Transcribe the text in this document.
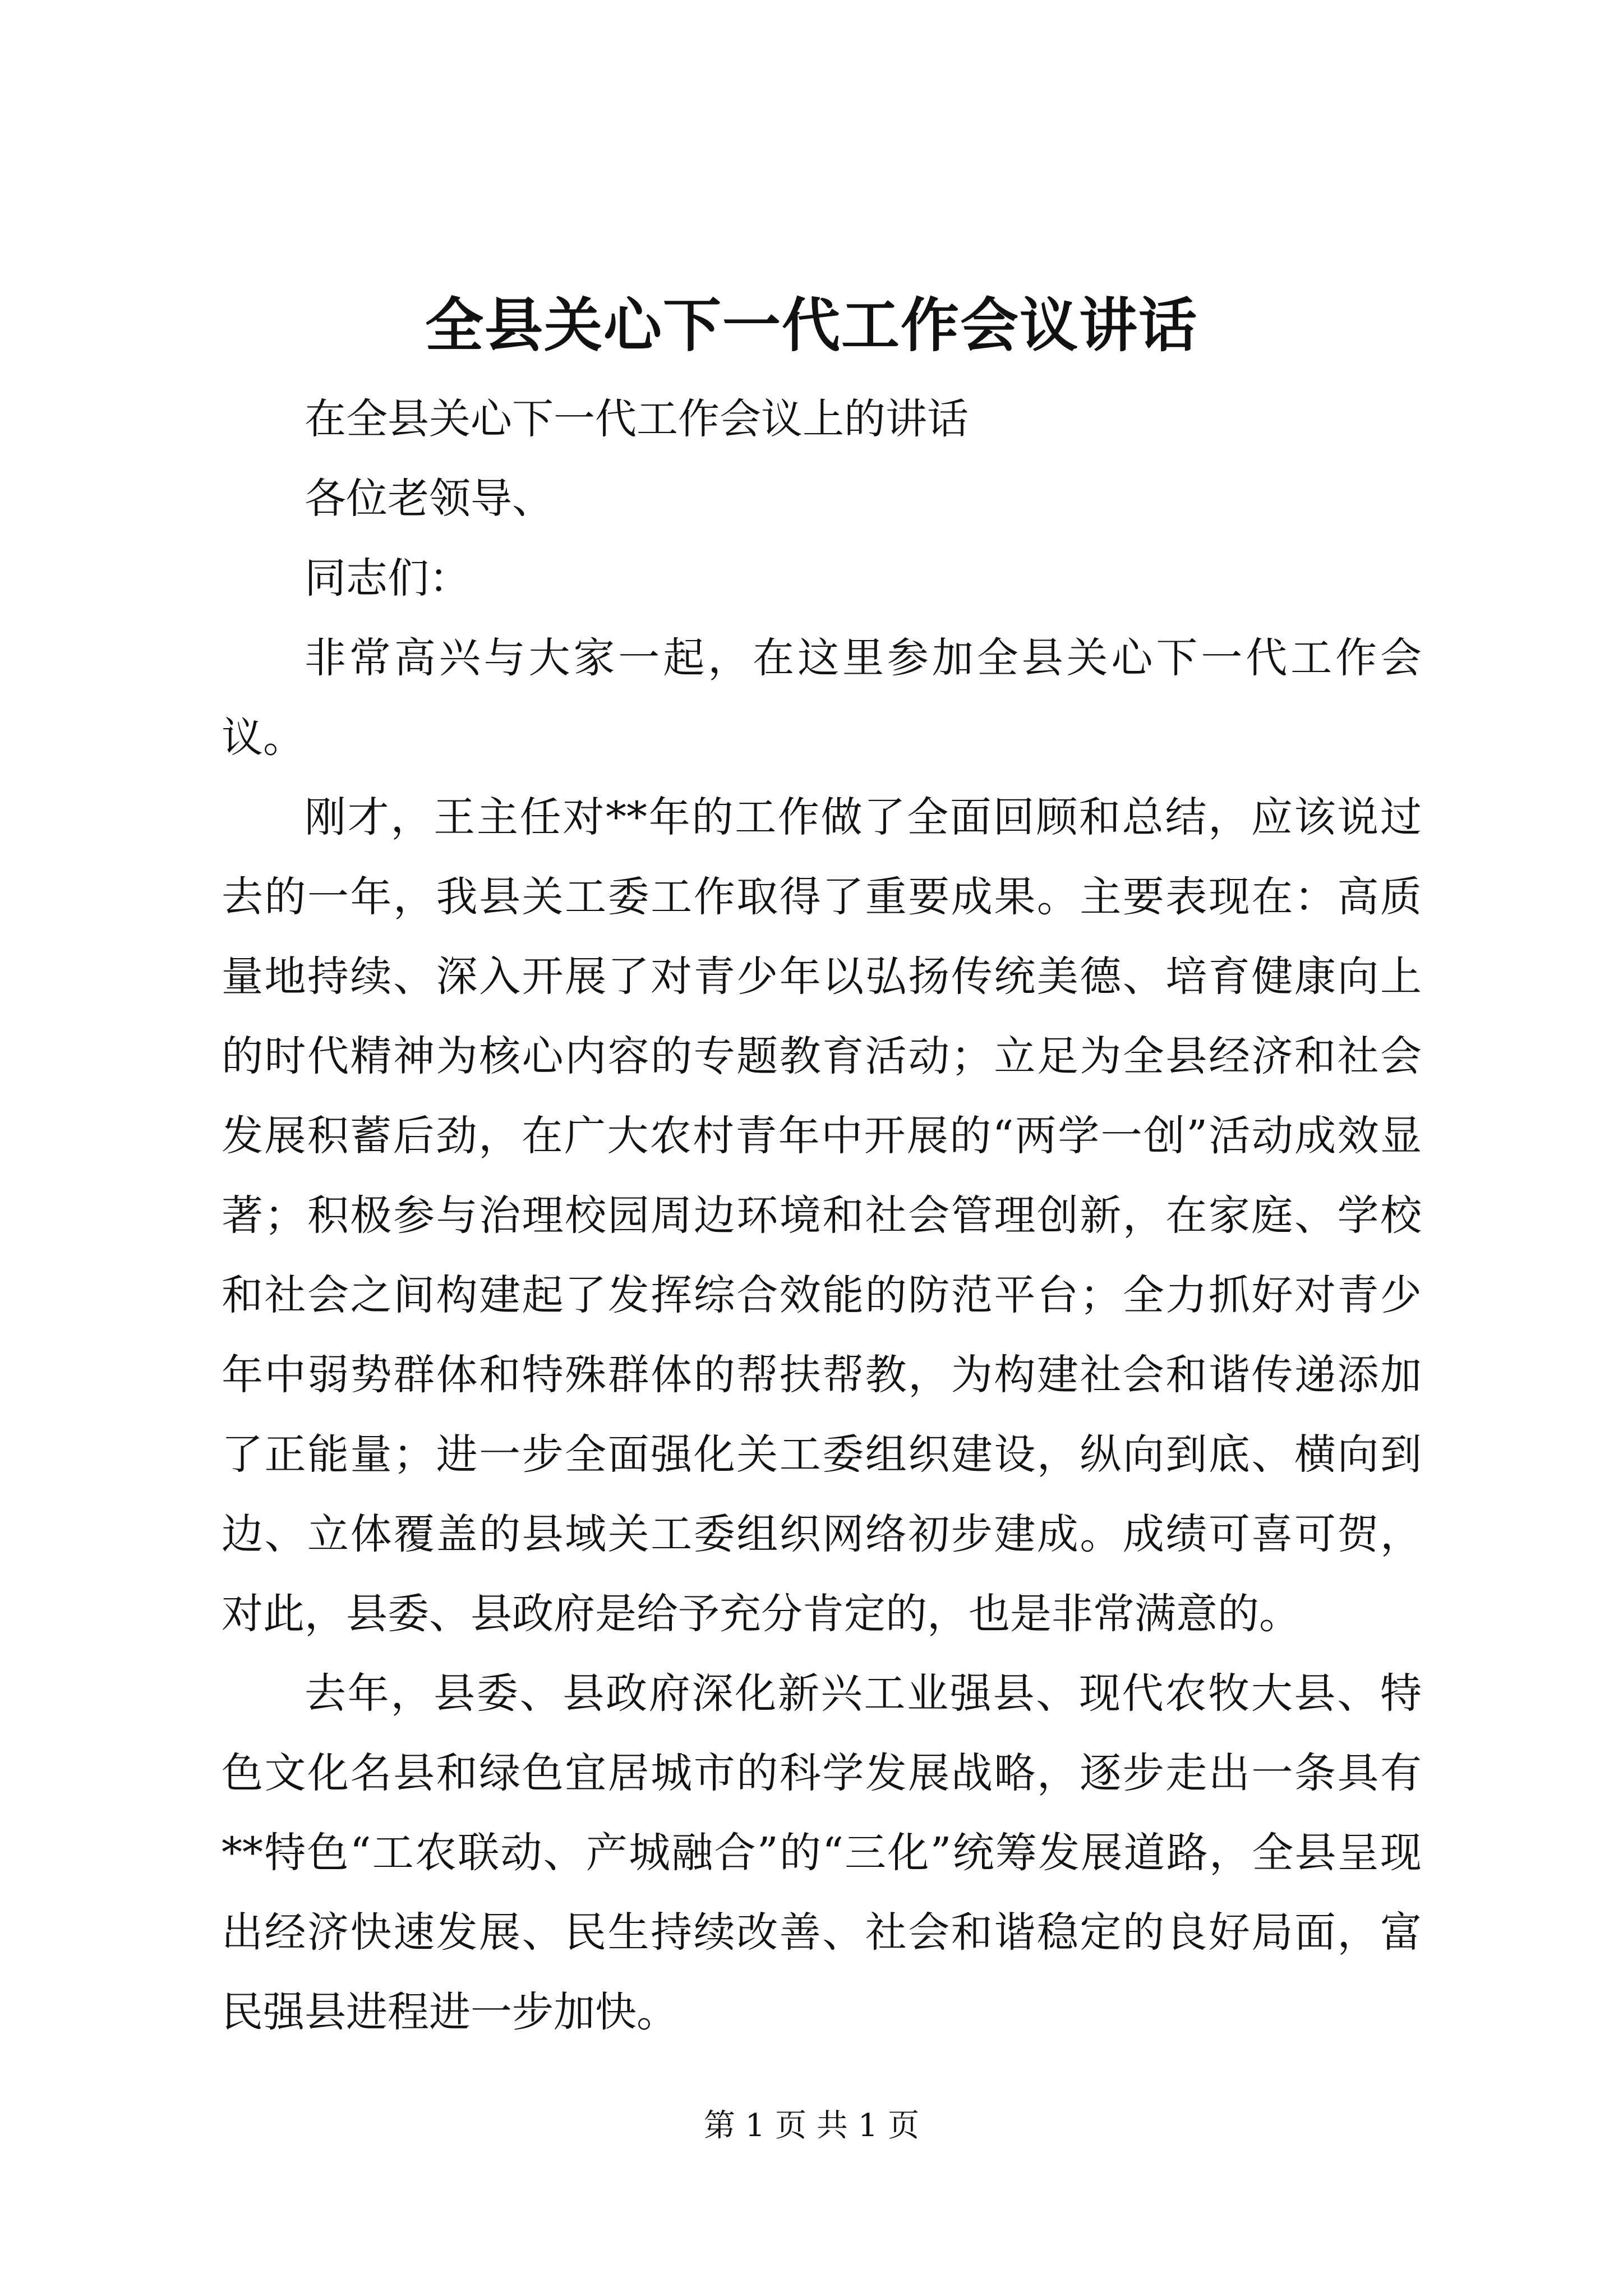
全县关心下一代工作会议讲话

在全县关心下一代工作会议上的讲话

各位老领导、

同志们：

非常高兴与大家一起，在这里参加全县关心下一代工作会议。

刚才，王主任对**年的工作做了全面回顾和总结，应该说过去的一年，我县关工委工作取得了重要成果。主要表现在：高质量地持续、深入开展了对青少年以弘扬传统美德、培育健康向上的时代精神为核心内容的专题教育活动；立足为全县经济和社会发展积蓄后劲，在广大农村青年中开展的“两学一创”活动成效显著；积极参与治理校园周边环境和社会管理创新，在家庭、学校和社会之间构建起了发挥综合效能的防范平台；全力抓好对青少年中弱势群体和特殊群体的帮扶帮教，为构建社会和谐传递添加了正能量；进一步全面强化关工委组织建设，纵向到底、横向到边、立体覆盖的县域关工委组织网络初步建成。成绩可喜可贺，对此，县委、县政府是给予充分肯定的，也是非常满意的。

去年，县委、县政府深化新兴工业强县、现代农牧大县、特色文化名县和绿色宜居城市的科学发展战略，逐步走出一条具有**特色“工农联动、产城融合”的“三化”统筹发展道路，全县呈现出经济快速发展、民生持续改善、社会和谐稳定的良好局面，富民强县进程进一步加快。

第 1 页 共 1 页
